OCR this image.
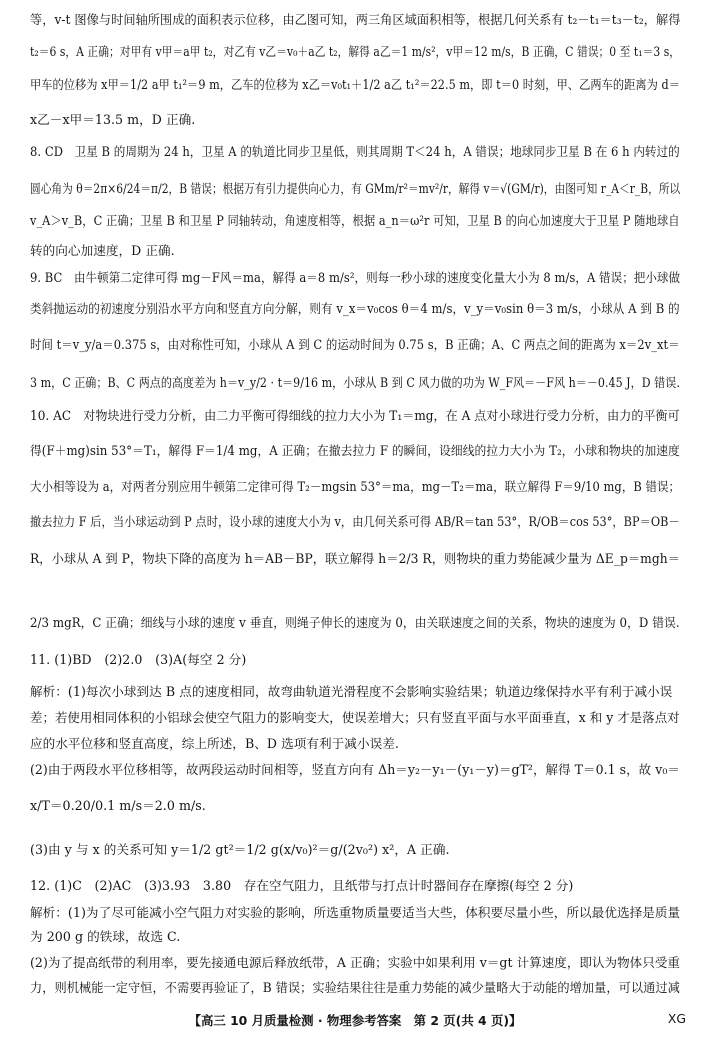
等，v-t 图像与时间轴所围成的面积表示位移，由乙图可知，两三角区域面积相等，根据几何关系有 t₂－t₁＝t₃－t₂，解得
t₂＝6 s，A 正确；对甲有 v甲＝a甲 t₂，对乙有 v乙＝v₀＋a乙 t₂，解得 a乙＝1 m/s²，v甲＝12 m/s，B 正确，C 错误；0 至 t₁＝3 s，
甲车的位移为 x甲＝1/2 a甲 t₁²＝9 m，乙车的位移为 x乙＝v₀t₁＋1/2 a乙 t₁²＝22.5 m，即 t＝0 时刻，甲、乙两车的距离为 d＝
x乙－x甲＝13.5 m，D 正确.
8. CD　卫星 B 的周期为 24 h，卫星 A 的轨道比同步卫星低，则其周期 T＜24 h，A 错误；地球同步卫星 B 在 6 h 内转过的
圆心角为 θ＝2π×6/24＝π/2，B 错误；根据万有引力提供向心力，有 GMm/r²＝mv²/r，解得 v＝√(GM/r)，由图可知 r_A＜r_B，所以
v_A＞v_B，C 正确；卫星 B 和卫星 P 同轴转动，角速度相等，根据 a_n＝ω²r 可知，卫星 B 的向心加速度大于卫星 P 随地球自
转的向心加速度，D 正确.
9. BC　由牛顿第二定律可得 mg－F风＝ma，解得 a＝8 m/s²，则每一秒小球的速度变化量大小为 8 m/s，A 错误；把小球做
类斜抛运动的初速度分别沿水平方向和竖直方向分解，则有 v_x＝v₀cos θ＝4 m/s，v_y＝v₀sin θ＝3 m/s，小球从 A 到 B 的
时间 t＝v_y/a＝0.375 s，由对称性可知，小球从 A 到 C 的运动时间为 0.75 s，B 正确；A、C 两点之间的距离为 x＝2v_xt＝
3 m，C 正确；B、C 两点的高度差为 h＝v_y/2 · t＝9/16 m，小球从 B 到 C 风力做的功为 W_F风＝－F风 h＝－0.45 J，D 错误.
10. AC　对物块进行受力分析，由二力平衡可得细线的拉力大小为 T₁＝mg，在 A 点对小球进行受力分析，由力的平衡可
得(F＋mg)sin 53°＝T₁，解得 F＝1/4 mg，A 正确；在撤去拉力 F 的瞬间，设细线的拉力大小为 T₂，小球和物块的加速度
大小相等设为 a，对两者分别应用牛顿第二定律可得 T₂－mgsin 53°＝ma，mg－T₂＝ma，联立解得 F＝9/10 mg，B 错误；
撤去拉力 F 后，当小球运动到 P 点时，设小球的速度大小为 v，由几何关系可得 AB/R＝tan 53°，R/OB＝cos 53°，BP＝OB－
R，小球从 A 到 P，物块下降的高度为 h＝AB－BP，联立解得 h＝2/3 R，则物块的重力势能减少量为 ΔE_p＝mgh＝
2/3 mgR，C 正确；细线与小球的速度 v 垂直，则绳子伸长的速度为 0，由关联速度之间的关系，物块的速度为 0，D 错误.
11. (1)BD　(2)2.0　(3)A(每空 2 分)
解析：(1)每次小球到达 B 点的速度相同，故弯曲轨道光滑程度不会影响实验结果；轨道边缘保持水平有利于减小误
差；若使用相同体积的小铝球会使空气阻力的影响变大，使误差增大；只有竖直平面与水平面垂直，x 和 y 才是落点对
应的水平位移和竖直高度，综上所述，B、D 选项有利于减小误差.
(2)由于两段水平位移相等，故两段运动时间相等，竖直方向有 Δh＝y₂－y₁－(y₁－y)＝gT²，解得 T＝0.1 s，故 v₀＝
x/T＝0.20/0.1 m/s＝2.0 m/s.
(3)由 y 与 x 的关系可知 y＝1/2 gt²＝1/2 g(x/v₀)²＝g/(2v₀²) x²，A 正确.
12. (1)C　(2)AC　(3)3.93　3.80　存在空气阻力，且纸带与打点计时器间存在摩擦(每空 2 分)
解析：(1)为了尽可能减小空气阻力对实验的影响，所选重物质量要适当大些，体积要尽量小些，所以最优选择是质量
为 200 g 的铁球，故选 C.
(2)为了提高纸带的利用率，要先接通电源后释放纸带，A 正确；实验中如果利用 v＝gt 计算速度，即认为物体只受重
力，则机械能一定守恒，不需要再验证了，B 错误；实验结果往往是重力势能的减少量略大于动能的增加量，可以通过减
【高三 10 月质量检测 · 物理参考答案　第 2 页(共 4 页)】	XG
